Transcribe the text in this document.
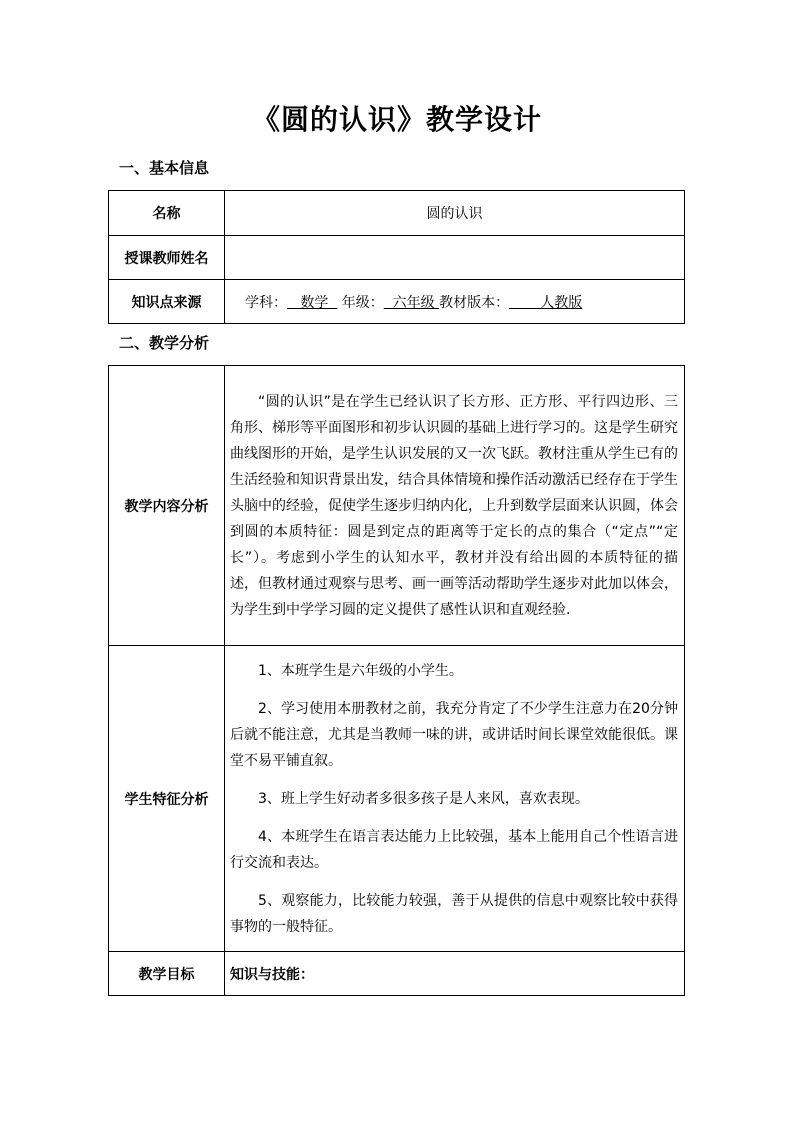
《圆的认识》教学设计
一、基本信息
名称	圆的认识
授课教师姓名	
知识点来源	学科：   数学   年级：  六年级 教材版本：       人教版
二、教学分析
教学内容分析	“圆的认识”是在学生已经认识了长方形、正方形、平行四边形、三角形、梯形等平面图形和初步认识圆的基础上进行学习的。这是学生研究曲线图形的开始，是学生认识发展的又一次飞跃。教材注重从学生已有的生活经验和知识背景出发，结合具体情境和操作活动激活已经存在于学生头脑中的经验，促使学生逐步归纳内化，上升到数学层面来认识圆，体会到圆的本质特征：圆是到定点的距离等于定长的点的集合（“定点”“定长”）。考虑到小学生的认知水平，教材并没有给出圆的本质特征的描述，但教材通过观察与思考、画一画等活动帮助学生逐步对此加以体会，为学生到中学学习圆的定义提供了感性认识和直观经验.

学生特征分析	1、本班学生是六年级的小学生。

2、学习使用本册教材之前，我充分肯定了不少学生注意力在20分钟后就不能注意，尤其是当教师一味的讲，或讲话时间长课堂效能很低。课堂不易平铺直叙。

3、班上学生好动者多很多孩子是人来风，喜欢表现。

4、本班学生在语言表达能力上比较强，基本上能用自己个性语言进行交流和表达。

5、观察能力，比较能力较强，善于从提供的信息中观察比较中获得事物的一般特征。

教学目标	知识与技能：
